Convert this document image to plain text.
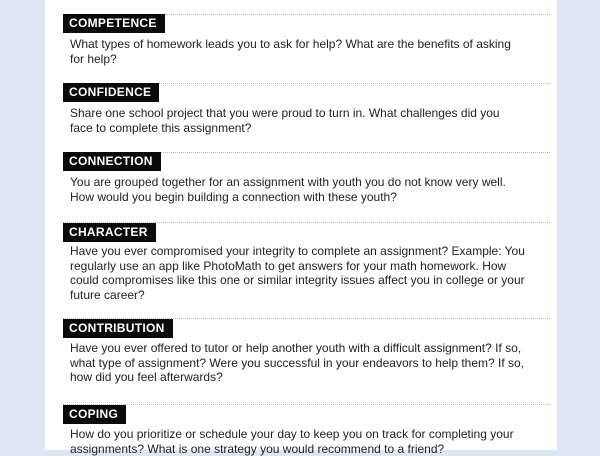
COMPETENCE
What types of homework leads you to ask for help? What are the benefits of asking
for help?
CONFIDENCE
Share one school project that you were proud to turn in. What challenges did you
face to complete this assignment?
CONNECTION
You are grouped together for an assignment with youth you do not know very well.
How would you begin building a connection with these youth?
CHARACTER
Have you ever compromised your integrity to complete an assignment? Example: You
regularly use an app like PhotoMath to get answers for your math homework. How
could compromises like this one or similar integrity issues affect you in college or your
future career?
CONTRIBUTION
Have you ever offered to tutor or help another youth with a difficult assignment? If so,
what type of assignment? Were you successful in your endeavors to help them? If so,
how did you feel afterwards?
COPING
How do you prioritize or schedule your day to keep you on track for completing your
assignments? What is one strategy you would recommend to a friend?
